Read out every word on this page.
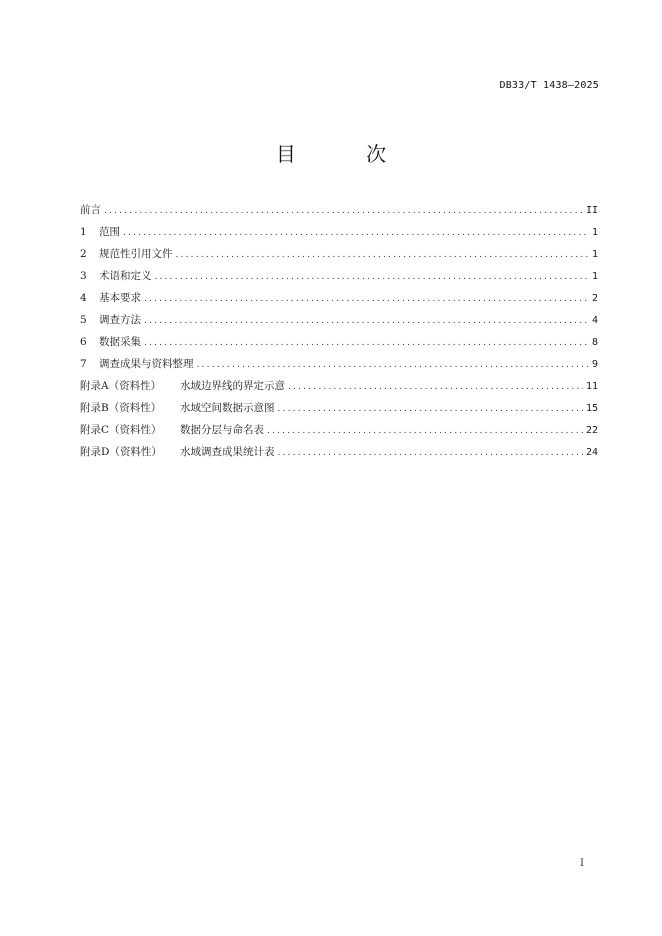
DB33/T 1438—2025
目 次
前言 .....	II
1 范围 .....	1
2 规范性引用文件 .....	1
3 术语和定义 .....	1
4 基本要求 .....	2
5 调查方法 .....	4
6 数据采集 .....	8
7 调查成果与资料整理 .....	9
附录A（资料性） 水域边界线的界定示意 .....	11
附录B（资料性） 水域空间数据示意图 .....	15
附录C（资料性） 数据分层与命名表 .....	22
附录D（资料性） 水域调查成果统计表 .....	24
I
